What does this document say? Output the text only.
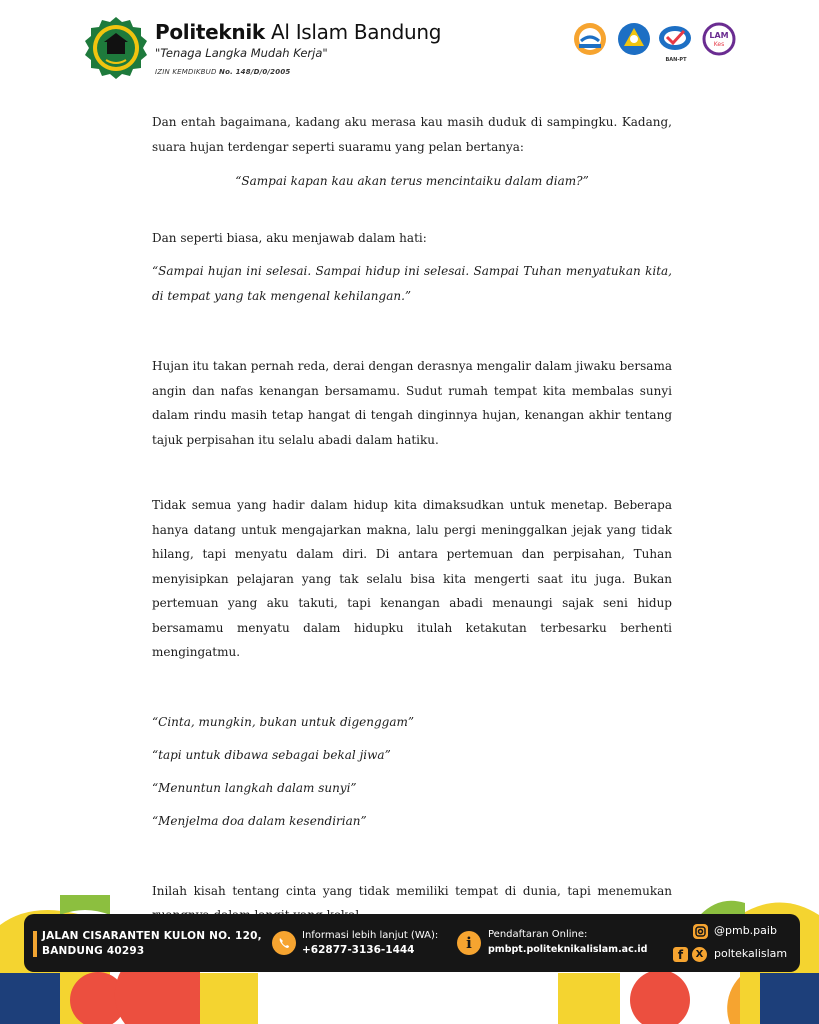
Politeknik Al Islam Bandung
"Tenaga Langka Mudah Kerja"
IZIN KEMDIKBUD No. 148/D/0/2005
BAN-PT
LAM
Kes

Dan entah bagaimana, kadang aku merasa kau masih duduk di sampingku. Kadang, suara hujan terdengar seperti suaramu yang pelan bertanya:

“Sampai kapan kau akan terus mencintaiku dalam diam?”

Dan seperti biasa, aku menjawab dalam hati:

“Sampai hujan ini selesai. Sampai hidup ini selesai. Sampai Tuhan menyatukan kita, di tempat yang tak mengenal kehilangan.”

Hujan itu takan pernah reda, derai dengan derasnya mengalir dalam jiwaku bersama angin dan nafas kenangan bersamamu. Sudut rumah tempat kita membalas sunyi dalam rindu masih tetap hangat di tengah dinginnya hujan, kenangan akhir tentang tajuk perpisahan itu selalu abadi dalam hatiku.

Tidak semua yang hadir dalam hidup kita dimaksudkan untuk menetap. Beberapa hanya datang untuk mengajarkan makna, lalu pergi meninggalkan jejak yang tidak hilang, tapi menyatu dalam diri. Di antara pertemuan dan perpisahan, Tuhan menyisipkan pelajaran yang tak selalu bisa kita mengerti saat itu juga. Bukan pertemuan yang aku takuti, tapi kenangan abadi menaungi sajak seni hidup bersamamu menyatu dalam hidupku itulah ketakutan terbesarku berhenti mengingatmu.

“Cinta, mungkin, bukan untuk digenggam”

“tapi untuk dibawa sebagai bekal jiwa”

“Menuntun langkah dalam sunyi”

“Menjelma doa dalam kesendirian”

Inilah kisah tentang cinta yang tidak memiliki tempat di dunia, tapi menemukan

JALAN CISARANTEN KULON NO. 120,
BANDUNG 40293
Informasi lebih lanjut (WA):
+62877-3136-1444	i	Pendaftaran Online:
pmbpt.politeknikalislam.ac.id
@pmb.paib
f	X poltekalislam
